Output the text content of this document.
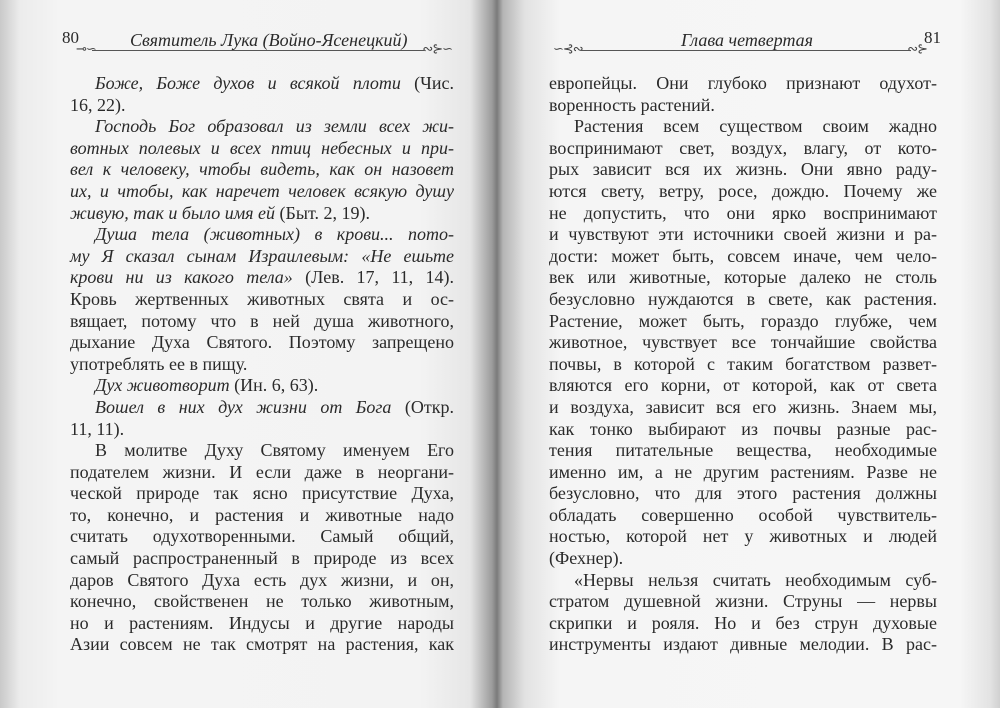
80
⊸∽ Святитель Лука (Войно-Ясенецкий) ∾⊱∽
Боже, Боже духов и всякой плоти (Чис.
16, 22).
Господь Бог образовал из земли всех жи-
вотных полевых и всех птиц небесных и при-
вел к человеку, чтобы видеть, как он назовет
их, и чтобы, как наречет человек всякую душу
живую, так и было имя ей (Быт. 2, 19).
Душа тела (животных) в крови... пото-
му Я сказал сынам Израилевым: «Не ешьте
крови ни из какого тела» (Лев. 17, 11, 14).
Кровь жертвенных животных свята и ос-
вящает, потому что в ней душа животного,
дыхание Духа Святого. Поэтому запрещено
употреблять ее в пищу.
Дух животворит (Ин. 6, 63).
Вошел в них дух жизни от Бога (Откр.
11, 11).
В молитве Духу Святому именуем Его
подателем жизни. И если даже в неоргани-
ческой природе так ясно присутствие Духа,
то, конечно, и растения и животные надо
считать одухотворенными. Самый общий,
самый распространенный в природе из всех
даров Святого Духа есть дух жизни, и он,
конечно, свойственен не только животным,
но и растениям. Индусы и другие народы
Азии совсем не так смотрят на растения, как
∽⊰∾	Глава четвертая	∾⊱
81
европейцы. Они глубоко признают одухот-
воренность растений.
Растения всем существом своим жадно
воспринимают свет, воздух, влагу, от кото-
рых зависит вся их жизнь. Они явно раду-
ются свету, ветру, росе, дождю. Почему же
не допустить, что они ярко воспринимают
и чувствуют эти источники своей жизни и ра-
дости: может быть, совсем иначе, чем чело-
век или животные, которые далеко не столь
безусловно нуждаются в свете, как растения.
Растение, может быть, гораздо глубже, чем
животное, чувствует все тончайшие свойства
почвы, в которой с таким богатством развет-
вляются его корни, от которой, как от света
и воздуха, зависит вся его жизнь. Знаем мы,
как тонко выбирают из почвы разные рас-
тения питательные вещества, необходимые
именно им, а не другим растениям. Разве не
безусловно, что для этого растения должны
обладать совершенно особой чувствитель-
ностью, которой нет у животных и людей
(Фехнер).
«Нервы нельзя считать необходимым суб-
стратом душевной жизни. Струны — нервы
скрипки и рояля. Но и без струн духовые
инструменты издают дивные мелодии. В рас-
